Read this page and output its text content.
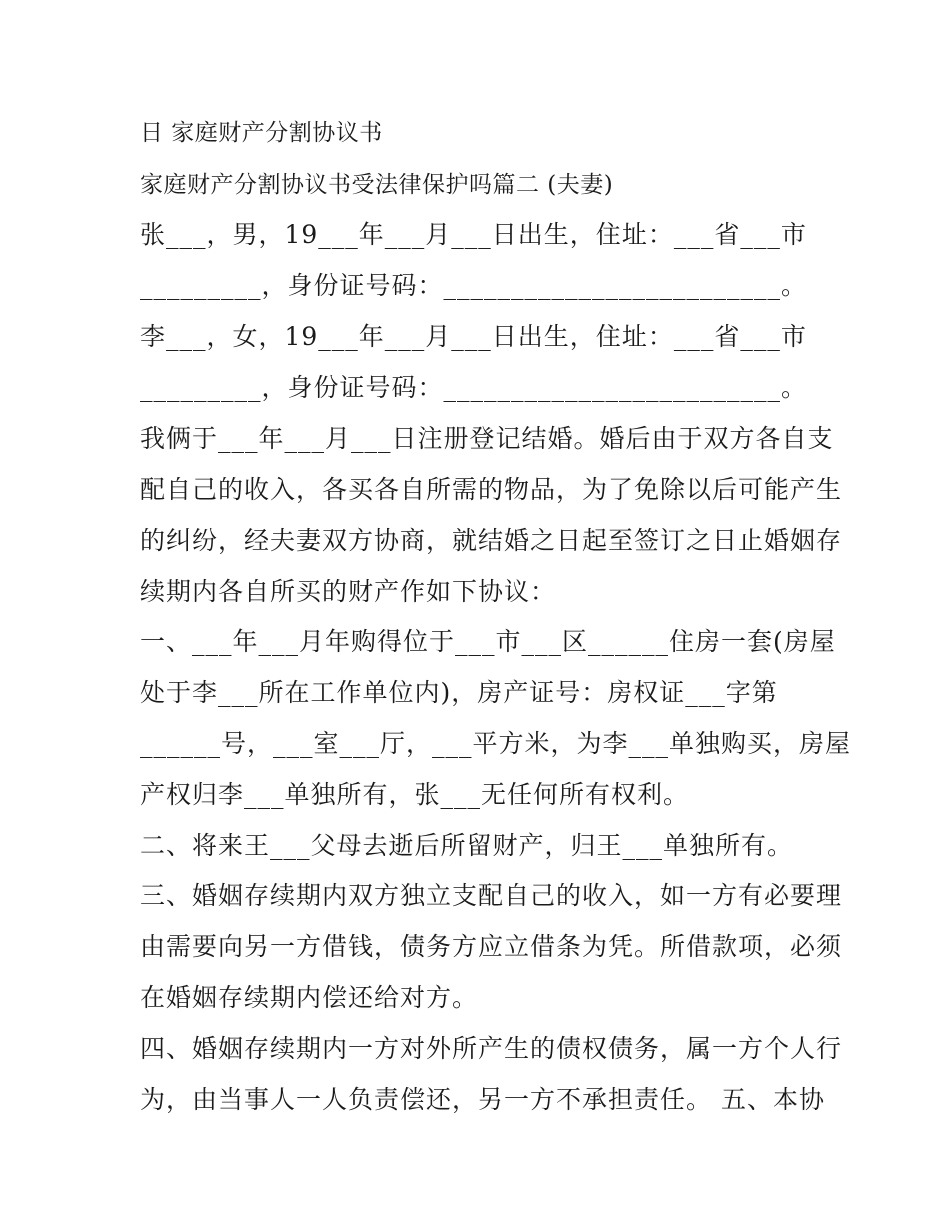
日 家庭财产分割协议书
家庭财产分割协议书受法律保护吗篇二 (夫妻)
张___，男，19___年___月___日出生，住址：___省___市
_________，身份证号码：_________________________。
李___，女，19___年___月___日出生，住址：___省___市
_________，身份证号码：_________________________。
我俩于___年___月___日注册登记结婚。婚后由于双方各自支
配自己的收入，各买各自所需的物品，为了免除以后可能产生
的纠纷，经夫妻双方协商，就结婚之日起至签订之日止婚姻存
续期内各自所买的财产作如下协议：
一、___年___月年购得位于___市___区______住房一套(房屋
处于李___所在工作单位内)，房产证号：房权证___字第
______号，___室___厅，___平方米，为李___单独购买，房屋
产权归李___单独所有，张___无任何所有权利。
二、将来王___父母去逝后所留财产，归王___单独所有。
三、婚姻存续期内双方独立支配自己的收入，如一方有必要理
由需要向另一方借钱，债务方应立借条为凭。所借款项，必须
在婚姻存续期内偿还给对方。
四、婚姻存续期内一方对外所产生的债权债务，属一方个人行
为，由当事人一人负责偿还，另一方不承担责任。 五、本协
